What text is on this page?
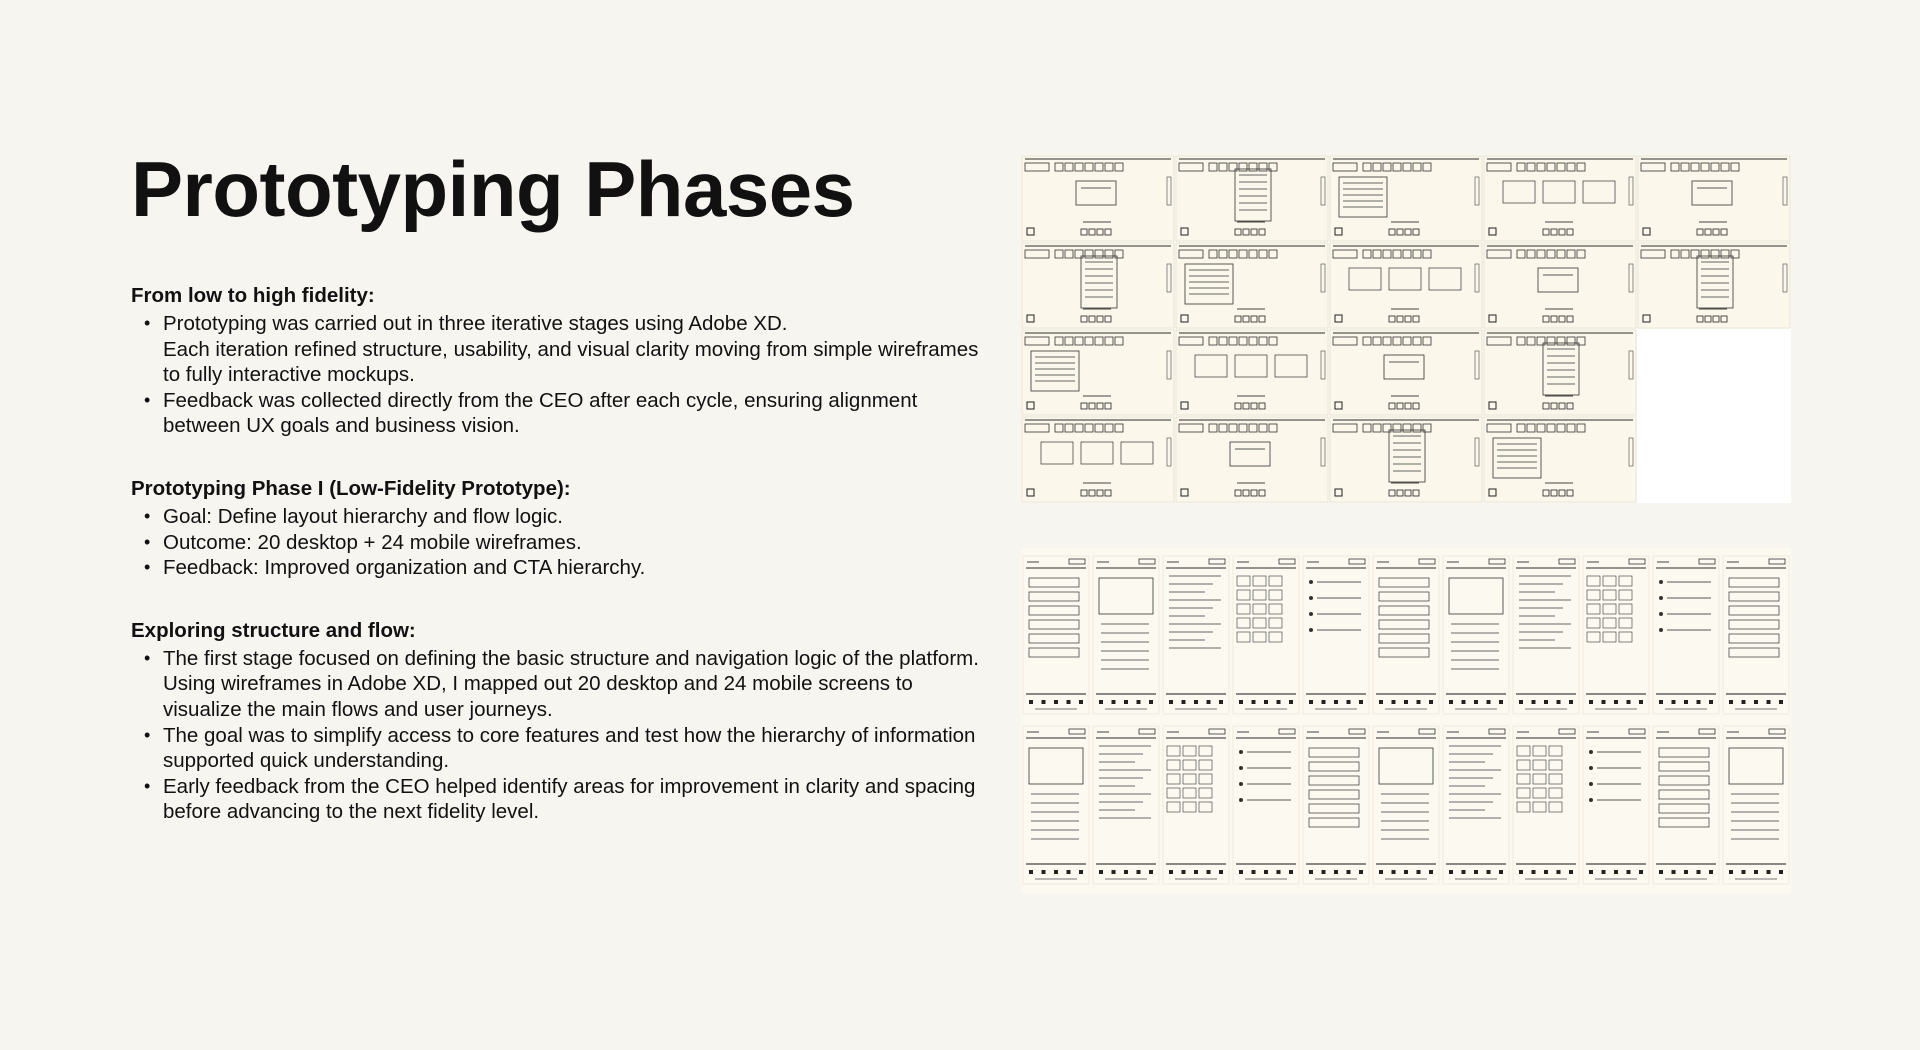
Prototyping Phases
From low to high fidelity:
• Prototyping was carried out in three iterative stages using Adobe XD.
Each iteration refined structure, usability, and visual clarity moving from simple wireframes to fully interactive mockups.
• Feedback was collected directly from the CEO after each cycle, ensuring alignment between UX goals and business vision.
Prototyping Phase I (Low-Fidelity Prototype):
• Goal: Define layout hierarchy and flow logic.
• Outcome: 20 desktop + 24 mobile wireframes.
• Feedback: Improved organization and CTA hierarchy.
Exploring structure and flow:
• The first stage focused on defining the basic structure and navigation logic of the platform.
Using wireframes in Adobe XD, I mapped out 20 desktop and 24 mobile screens to visualize the main flows and user journeys.
• The goal was to simplify access to core features and test how the hierarchy of information supported quick understanding.
• Early feedback from the CEO helped identify areas for improvement in clarity and spacing before advancing to the next fidelity level.
